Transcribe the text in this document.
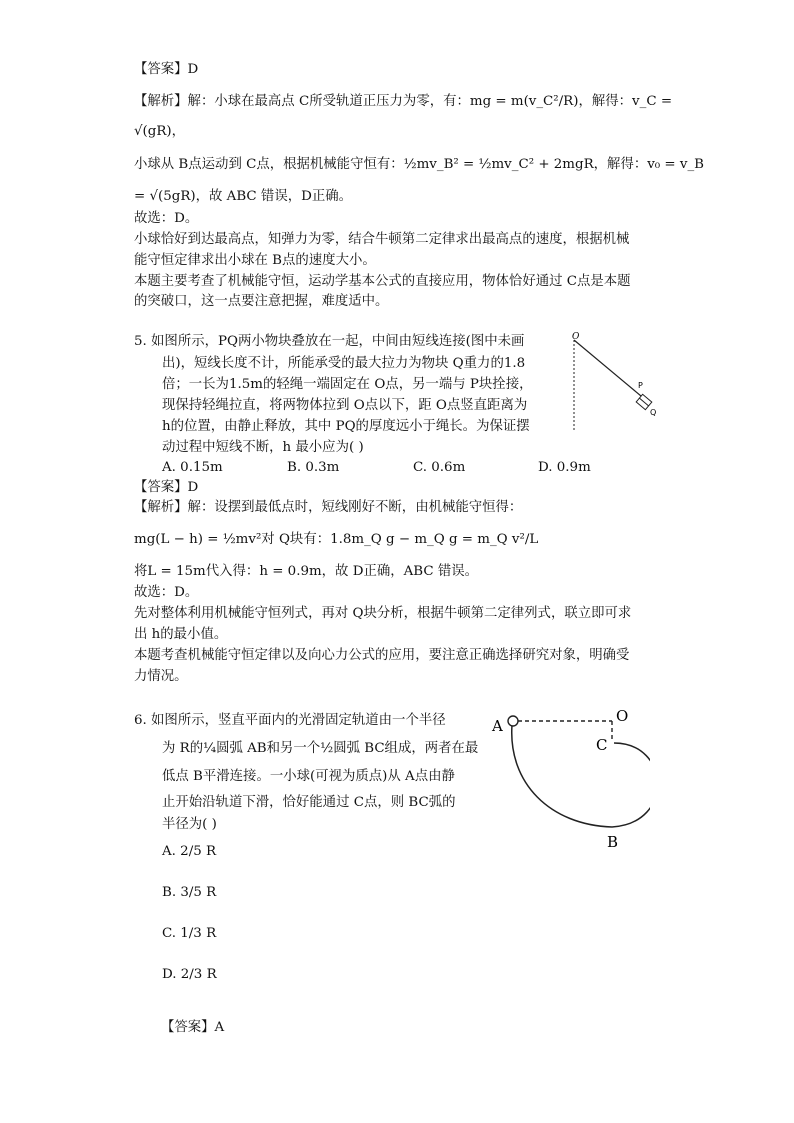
【答案】D
【解析】解：小球在最高点 C所受轨道正压力为零，有：mg = m(v_C²/R)，解得：v_C =
√(gR)，
小球从 B点运动到 C点，根据机械能守恒有：½mv_B² = ½mv_C² + 2mgR，解得：v₀ = v_B
= √(5gR)，故 ABC 错误，D正确。
故选：D。
小球恰好到达最高点，知弹力为零，结合牛顿第二定律求出最高点的速度，根据机械
能守恒定律求出小球在 B点的速度大小。
本题主要考查了机械能守恒，运动学基本公式的直接应用，物体恰好通过 C点是本题
的突破口，这一点要注意把握，难度适中。
5. 如图所示，PQ两小物块叠放在一起，中间由短线连接(图中未画
出)，短线长度不计，所能承受的最大拉力为物块 Q重力的1.8
倍；一长为1.5m的轻绳一端固定在 O点，另一端与 P块拴接，
现保持轻绳拉直，将两物体拉到 O点以下，距 O点竖直距离为
h的位置，由静止释放，其中 PQ的厚度远小于绳长。为保证摆
动过程中短线不断，h 最小应为( )
A. 0.15m	B. 0.3m	C. 0.6m	D. 0.9m
O
P
Q
【答案】D
【解析】解：设摆到最低点时，短线刚好不断，由机械能守恒得：
mg(L − h) = ½mv²对 Q块有：1.8m_Q g − m_Q g = m_Q v²/L
将L = 15m代入得：h = 0.9m，故 D正确，ABC 错误。
故选：D。
先对整体利用机械能守恒列式，再对 Q块分析，根据牛顿第二定律列式，联立即可求
出 h的最小值。
本题考查机械能守恒定律以及向心力公式的应用，要注意正确选择研究对象，明确受
力情况。
6. 如图所示，竖直平面内的光滑固定轨道由一个半径
为 R的¼圆弧 AB和另一个½圆弧 BC组成，两者在最
低点 B平滑连接。一小球(可视为质点)从 A点由静
止开始沿轨道下滑，恰好能通过 C点，则 BC弧的
半径为( )
A. 2/5 R
B. 3/5 R
C. 1/3 R
D. 2/3 R
A
O
C
B
【答案】A
